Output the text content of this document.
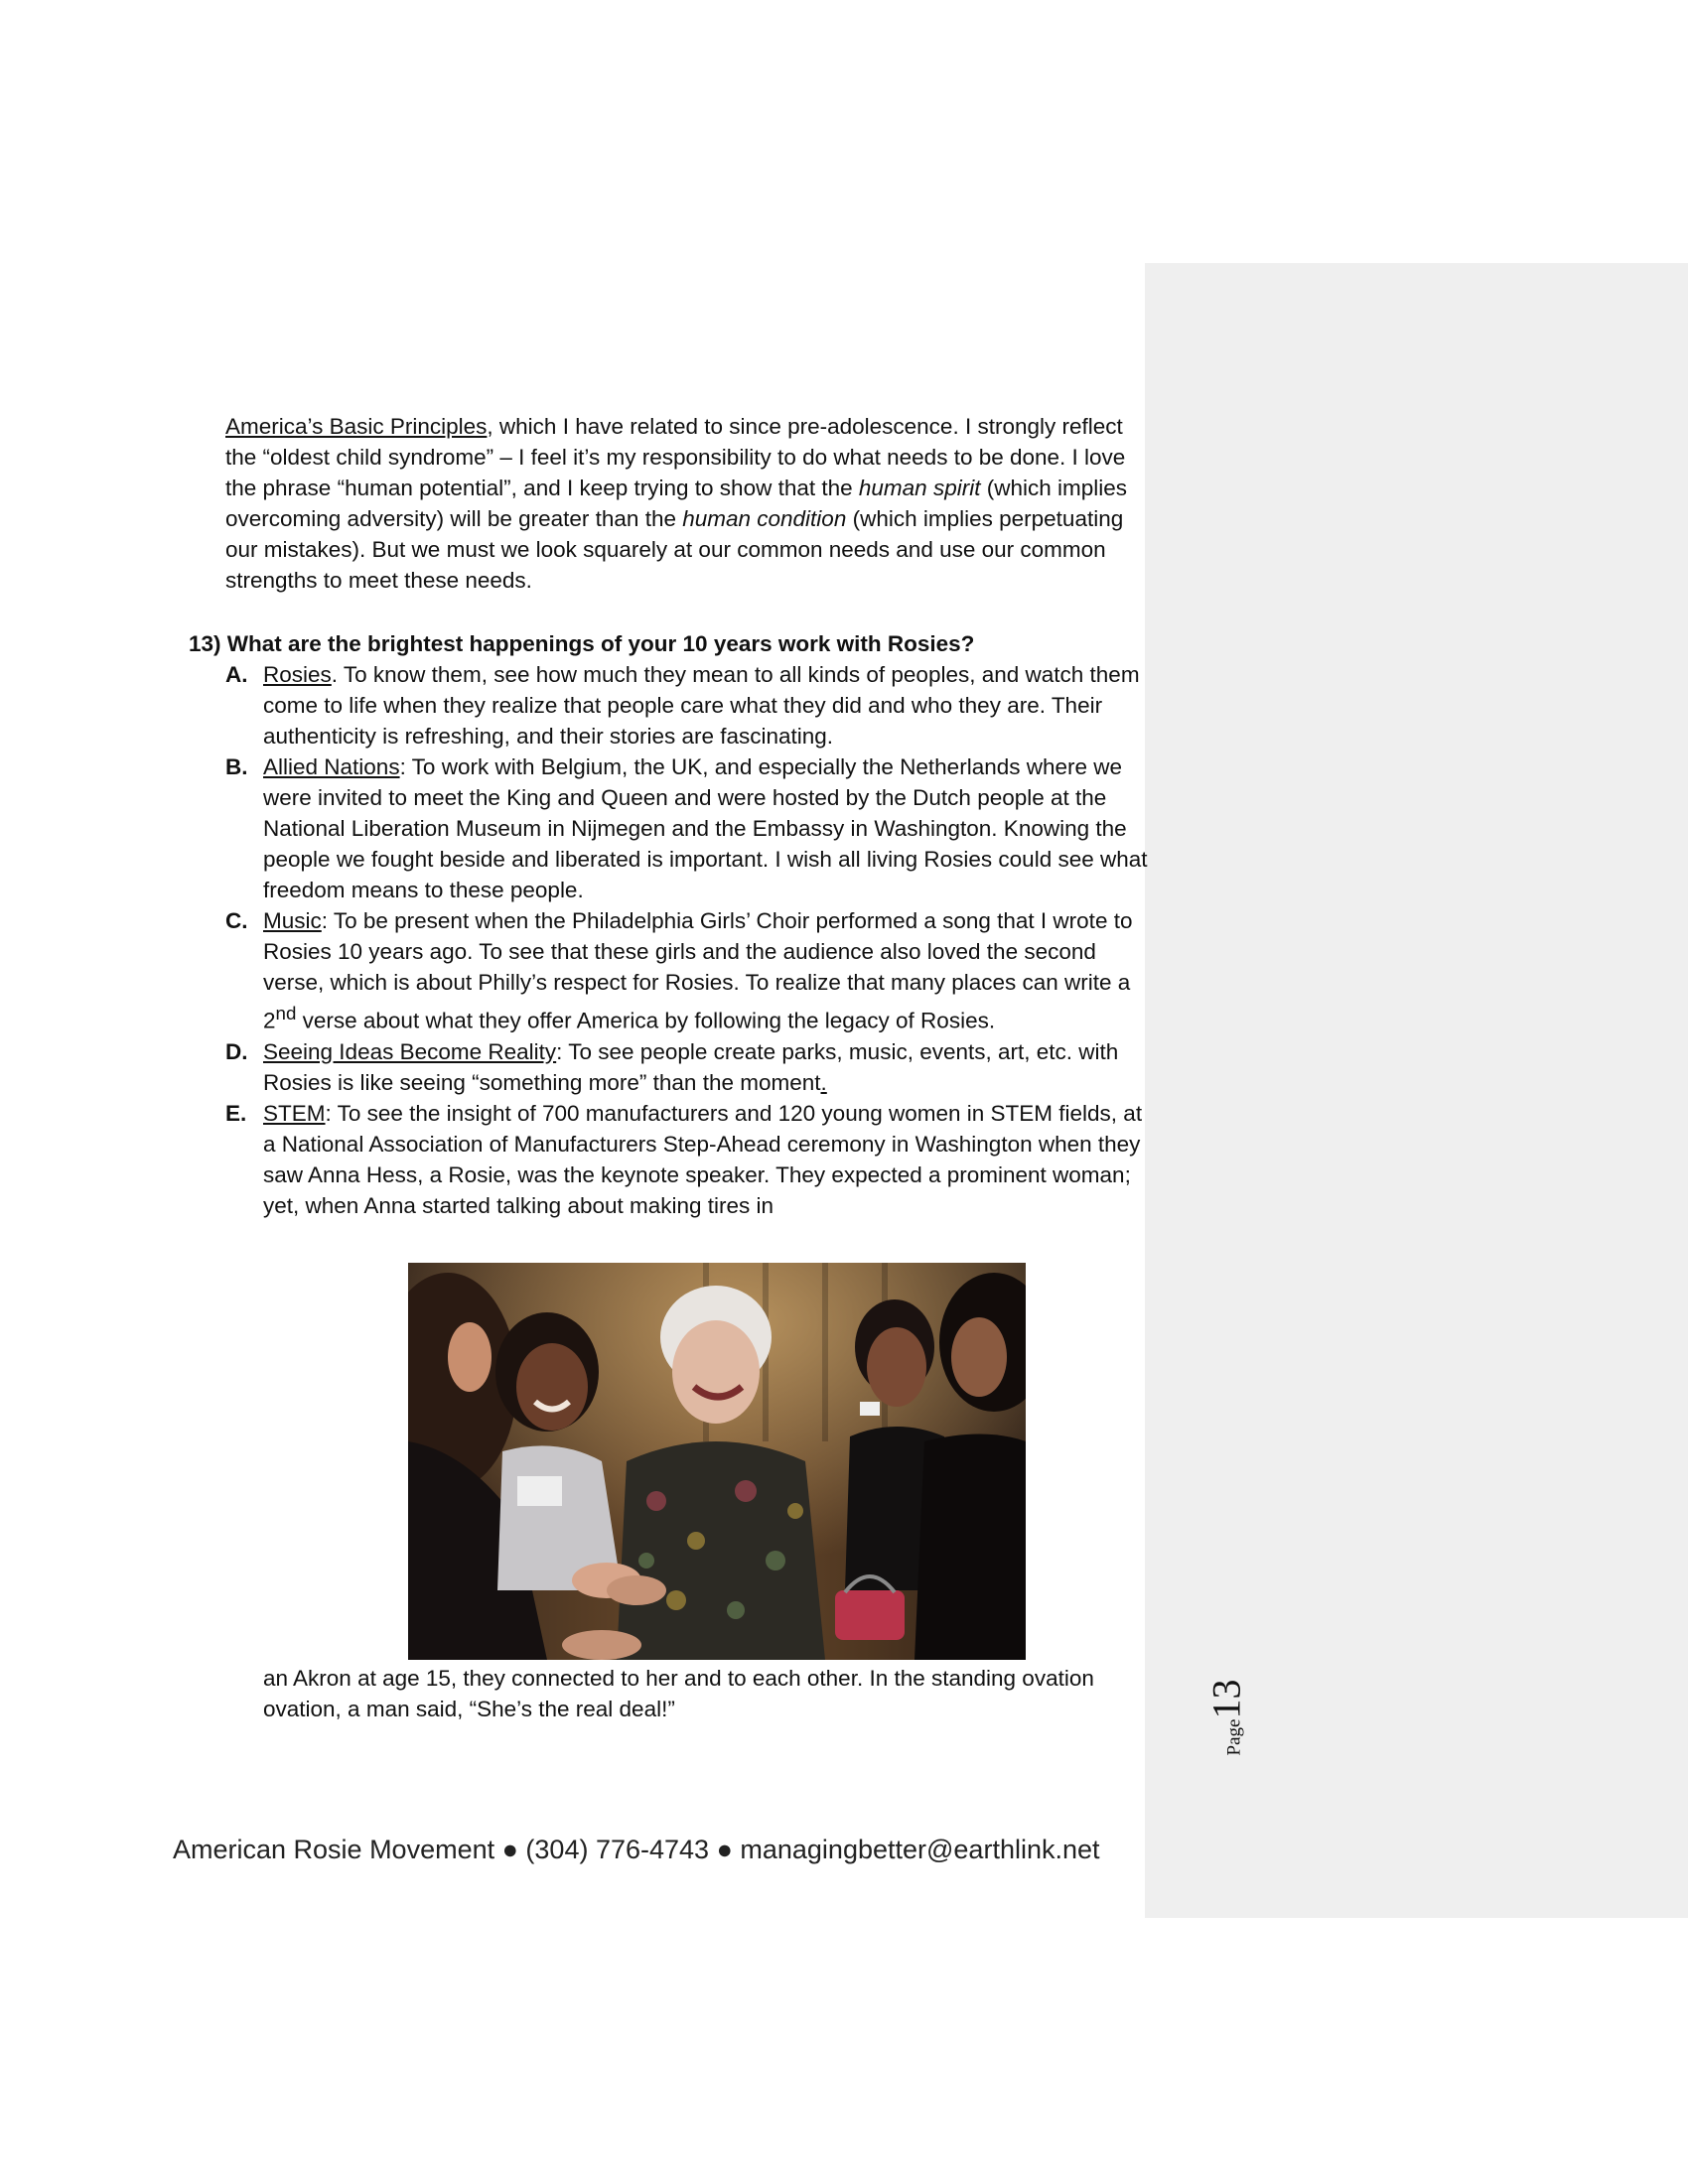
America’s Basic Principles, which I have related to since pre-adolescence. I strongly reflect the “oldest child syndrome” – I feel it’s my responsibility to do what needs to be done. I love the phrase “human potential”, and I keep trying to show that the human spirit (which implies overcoming adversity) will be greater than the human condition (which implies perpetuating our mistakes). But we must we look squarely at our common needs and use our common strengths to meet these needs.

13) What are the brightest happenings of your 10 years work with Rosies?

A. Rosies. To know them, see how much they mean to all kinds of peoples, and watch them come to life when they realize that people care what they did and who they are. Their authenticity is refreshing, and their stories are fascinating.
B. Allied Nations: To work with Belgium, the UK, and especially the Netherlands where we were invited to meet the King and Queen and were hosted by the Dutch people at the National Liberation Museum in Nijmegen and the Embassy in Washington. Knowing the people we fought beside and liberated is important. I wish all living Rosies could see what freedom means to these people.
C. Music: To be present when the Philadelphia Girls’ Choir performed a song that I wrote to Rosies 10 years ago. To see that these girls and the audience also loved the second verse, which is about Philly’s respect for Rosies. To realize that many places can write a 2nd verse about what they offer America by following the legacy of Rosies.
D. Seeing Ideas Become Reality: To see people create parks, music, events, art, etc. with Rosies is like seeing “something more” than the moment.
E. STEM: To see the insight of 700 manufacturers and 120 young women in STEM fields, at a National Association of Manufacturers Step-Ahead ceremony in Washington when they saw Anna Hess, a Rosie, was the keynote speaker. They expected a prominent woman; yet, when Anna started talking about making tires in
an Akron at age 15, they connected to her and to each other. In the standing ovation ovation, a man said, “She’s the real deal!”
Page13
American Rosie Movement ● (304) 776-4743 ● managingbetter@earthlink.net
